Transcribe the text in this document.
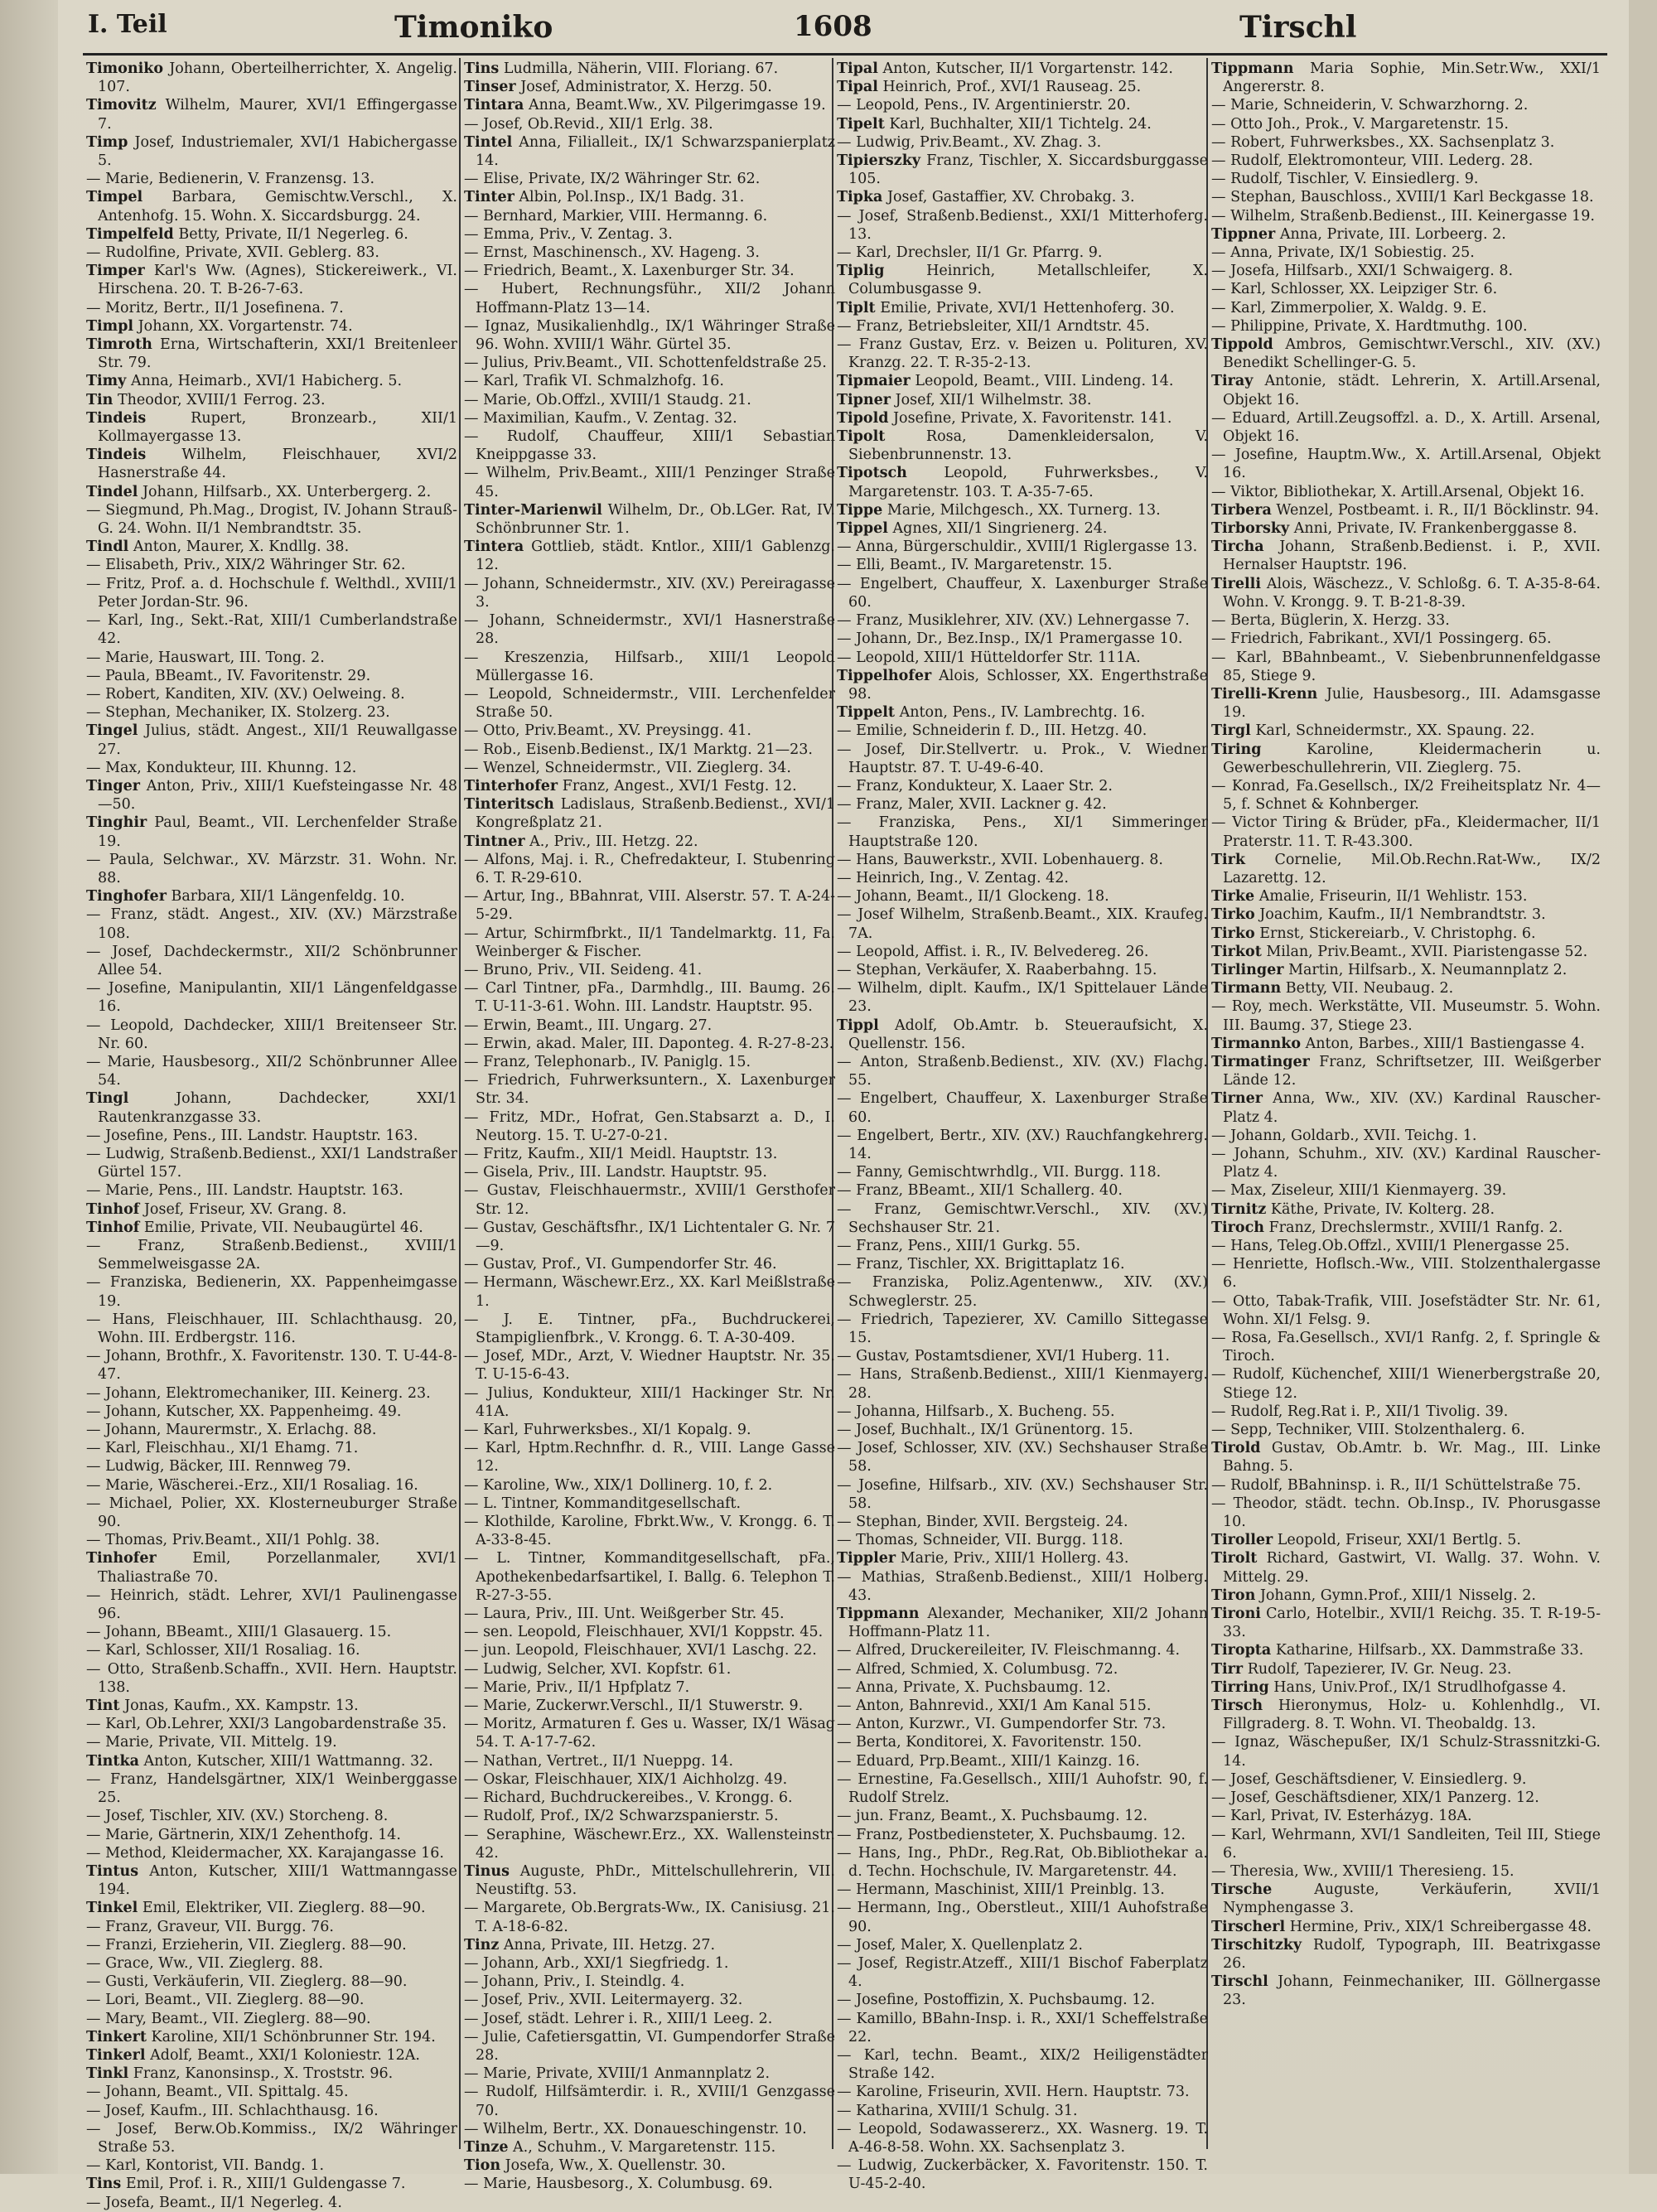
I. Teil	Timoniko	1608	Tirschl

Timoniko Johann, Oberteilherrichter, X. Angelig. 107.

Timovitz Wilhelm, Maurer, XVI/1 Effingergasse 7.

Timp Josef, Industriemaler, XVI/1 Habichergasse 5.

— Marie, Bedienerin, V. Franzensg. 13.

Timpel Barbara, Gemischtw.Verschl., X. Antenhofg. 15. Wohn. X. Siccardsburgg. 24.

Timpelfeld Betty, Private, II/1 Negerleg. 6.

— Rudolfine, Private, XVII. Geblerg. 83.

Timper Karl's Ww. (Agnes), Stickereiwerk., VI. Hirschena. 20. T. B-26-7-63.

— Moritz, Bertr., II/1 Josefinena. 7.

Timpl Johann, XX. Vorgartenstr. 74.

Timroth Erna, Wirtschafterin, XXI/1 Breitenleer Str. 79.

Timy Anna, Heimarb., XVI/1 Habicherg. 5.

Tin Theodor, XVIII/1 Ferrog. 23.

Tindeis	Rupert, Bronzearb., XII/1 Kollmayergasse 13.

Tindeis Wilhelm, Fleischhauer, XVI/2 Hasnerstraße 44.

Tindel Johann, Hilfsarb., XX. Unterbergerg. 2.

— Siegmund, Ph.Mag., Drogist, IV. Johann Strauß-G. 24. Wohn. II/1 Nembrandtstr. 35.

Tindl Anton, Maurer, X. Kndllg. 38.

— Elisabeth, Priv., XIX/2 Währinger Str. 62.

— Fritz, Prof. a. d. Hochschule f. Welthdl., XVIII/1 Peter Jordan-Str. 96.

— Karl, Ing., Sekt.-Rat, XIII/1 Cumberlandstraße 42.

— Marie, Hauswart, III. Tong. 2.

— Paula, BBeamt., IV. Favoritenstr. 29.

— Robert, Kanditen, XIV. (XV.) Oelweing. 8.

— Stephan, Mechaniker, IX. Stolzerg. 23.

Tingel Julius, städt. Angest., XII/1 Reuwallgasse 27.

— Max, Kondukteur, III. Khunng. 12.

Tinger Anton, Priv., XIII/1 Kuefsteingasse Nr. 48—50.

Tinghir Paul, Beamt., VII. Lerchenfelder Straße 19.

— Paula, Selchwar., XV. Märzstr. 31. Wohn. Nr. 88.

Tinghofer Barbara, XII/1 Längenfeldg. 10.

— Franz, städt. Angest., XIV. (XV.) Märzstraße 108.

— Josef, Dachdeckermstr., XII/2 Schönbrunner Allee 54.

— Josefine, Manipulantin, XII/1 Längenfeldgasse 16.

— Leopold, Dachdecker, XIII/1 Breitenseer Str. Nr. 60.

— Marie, Hausbesorg., XII/2 Schönbrunner Allee 54.

Tingl	Johann, Dachdecker, XXI/1 Rautenkranzgasse 33.

— Josefine, Pens., III. Landstr. Hauptstr. 163.

— Ludwig, Straßenb.Bedienst., XXI/1 Landstraßer Gürtel 157.

— Marie, Pens., III. Landstr. Hauptstr. 163.

Tinhof Josef, Friseur, XV. Grang. 8.

Tinhof Emilie, Private, VII. Neubaugürtel 46.

— Franz, Straßenb.Bedienst., XVIII/1 Semmelweisgasse 2A.

— Franziska, Bedienerin, XX. Pappenheimgasse 19.

— Hans, Fleischhauer, III. Schlachthausg. 20, Wohn. III. Erdbergstr. 116.

— Johann, Brothfr., X. Favoritenstr. 130. T. U-44-8-47.

— Johann, Elektromechaniker, III. Keinerg. 23.

— Johann, Kutscher, XX. Pappenheimg. 49.

— Johann, Maurermstr., X. Erlachg. 88.

— Karl, Fleischhau., XI/1 Ehamg. 71.

— Ludwig, Bäcker, III. Rennweg 79.

— Marie, Wäscherei.-Erz., XII/1 Rosaliag. 16.

— Michael, Polier, XX. Klosterneuburger Straße 90.

— Thomas, Priv.Beamt., XII/1 Pohlg. 38.

Tinhofer Emil, Porzellanmaler, XVI/1 Thaliastraße 70.

— Heinrich, städt. Lehrer, XVI/1 Paulinengasse 96.

— Johann, BBeamt., XIII/1 Glasauerg. 15.

— Karl, Schlosser, XII/1 Rosaliag. 16.

— Otto, Straßenb.Schaffn., XVII. Hern. Hauptstr. 138.

Tint Jonas, Kaufm., XX. Kampstr. 13.

— Karl, Ob.Lehrer, XXI/3 Langobardenstraße 35.

— Marie, Private, VII. Mittelg. 19.

Tintka Anton, Kutscher, XIII/1 Wattmanng. 32.

— Franz, Handelsgärtner, XIX/1 Weinberggasse 25.

— Josef, Tischler, XIV. (XV.) Storcheng. 8.

— Marie, Gärtnerin, XIX/1 Zehenthofg. 14.

— Method, Kleidermacher, XX. Karajangasse 16.

Tintus Anton, Kutscher, XIII/1 Wattmanngasse 194.

Tinkel Emil, Elektriker, VII. Zieglerg. 88—90.

— Franz, Graveur, VII. Burgg. 76.

— Franzi, Erzieherin, VII. Zieglerg. 88—90.

— Grace, Ww., VII. Zieglerg. 88.

— Gusti, Verkäuferin, VII. Zieglerg. 88—90.

— Lori, Beamt., VII. Zieglerg. 88—90.

— Mary, Beamt., VII. Zieglerg. 88—90.

Tinkert Karoline, XII/1 Schönbrunner Str. 194.

Tinkerl Adolf, Beamt., XXI/1 Koloniestr. 12A.

Tinkl Franz, Kanonsinsp., X. Troststr. 96.

— Johann, Beamt., VII. Spittalg. 45.

— Josef, Kaufm., III. Schlachthausg. 16.

— Josef, Berw.Ob.Kommiss., IX/2 Währinger Straße 53.

— Karl, Kontorist, VII. Bandg. 1.

Tins Emil, Prof. i. R., XIII/1 Guldengasse 7.

— Josefa, Beamt., II/1 Negerleg. 4.

Tins Ludmilla, Näherin, VIII. Floriang. 67.

Tinser Josef, Administrator, X. Herzg. 50.

Tintara Anna, Beamt.Ww., XV. Pilgerimgasse 19.

— Josef, Ob.Revid., XII/1 Erlg. 38.

Tintel Anna, Filialleit., IX/1 Schwarzspanierplatz 14.

— Elise, Private, IX/2 Währinger Str. 62.

Tinter Albin, Pol.Insp., IX/1 Badg. 31.

— Bernhard, Markier, VIII. Hermanng. 6.

— Emma, Priv., V. Zentag. 3.

— Ernst, Maschinensch., XV. Hageng. 3.

— Friedrich, Beamt., X. Laxenburger Str. 34.

— Hubert, Rechnungsführ., XII/2 Johann Hoffmann-Platz 13—14.

— Ignaz, Musikalienhdlg., IX/1 Währinger Straße 96. Wohn. XVIII/1 Währ. Gürtel 35.

— Julius, Priv.Beamt., VII. Schottenfeldstraße 25.

— Karl, Trafik VI. Schmalzhofg. 16.

— Marie, Ob.Offzl., XVIII/1 Staudg. 21.

— Maximilian, Kaufm., V. Zentag. 32.

— Rudolf, Chauffeur, XIII/1 Sebastian Kneippgasse 33.

— Wilhelm, Priv.Beamt., XIII/1 Penzinger Straße 45.

Tinter-Marienwil Wilhelm, Dr., Ob.LGer. Rat, IV. Schönbrunner Str. 1.

Tintera Gottlieb, städt. Kntlor., XIII/1 Gablenzg. 12.

— Johann, Schneidermstr., XIV. (XV.) Pereiragasse 3.

— Johann, Schneidermstr., XVI/1 Hasnerstraße 28.

— Kreszenzia, Hilfsarb., XIII/1 Leopold Müllergasse 16.

— Leopold, Schneidermstr., VIII. Lerchenfelder Straße 50.

— Otto, Priv.Beamt., XV. Preysingg. 41.

— Rob., Eisenb.Bedienst., IX/1 Marktg. 21—23.

— Wenzel, Schneidermstr., VII. Zieglerg. 34.

Tinterhofer Franz, Angest., XVI/1 Festg. 12.

Tinteritsch Ladislaus, Straßenb.Bedienst., XVI/1 Kongreßplatz 21.

Tintner A., Priv., III. Hetzg. 22.

— Alfons, Maj. i. R., Chefredakteur, I. Stubenring 6. T. R-29-610.

— Artur, Ing., BBahnrat, VIII. Alserstr. 57. T. A-24-5-29.

— Artur, Schirmfbrkt., II/1 Tandelmarktg. 11, Fa. Weinberger & Fischer.

— Bruno, Priv., VII. Seideng. 41.

— Carl Tintner, pFa., Darmhdlg., III. Baumg. 26. T. U-11-3-61. Wohn. III. Landstr. Hauptstr. 95.

— Erwin, Beamt., III. Ungarg. 27.

— Erwin, akad. Maler, III. Dapontеg. 4. R-27-8-23.

— Franz, Telephonarb., IV. Paniglg. 15.

— Friedrich, Fuhrwerksuntern., X. Laxenburger Str. 34.

— Fritz, MDr., Hofrat, Gen.Stabsarzt a. D., I. Neutorg. 15. T. U-27-0-21.

— Fritz, Kaufm., XII/1 Meidl. Hauptstr. 13.

— Gisela, Priv., III. Landstr. Hauptstr. 95.

— Gustav, Fleischhauermstr., XVIII/1 Gersthofer Str. 12.

— Gustav, Geschäftsfhr., IX/1 Lichtentaler G. Nr. 7—9.

— Gustav, Prof., VI. Gumpendorfer Str. 46.

— Hermann, Wäschewr.Erz., XX. Karl Meißlstraße 1.

— J. E. Tintner, pFa., Buchdruckerei, Stampiglienfbrk., V. Krongg. 6. T. A-30-409.

— Josef, MDr., Arzt, V. Wiedner Hauptstr. Nr. 35. T. U-15-6-43.

— Julius, Kondukteur, XIII/1 Hackinger Str. Nr. 41A.

— Karl, Fuhrwerksbes., XI/1 Kopalg. 9.

— Karl, Hptm.Rechnfhr. d. R., VIII. Lange Gasse 12.

— Karoline, Ww., XIX/1 Dollinerg. 10, f. 2.

— L. Tintner, Kommanditgesellschaft.

— Klothilde, Karoline, Fbrkt.Ww., V. Krongg. 6. T. A-33-8-45.

— L. Tintner, Kommanditgesellschaft, pFa., Apothekenbedarfsartikel, I. Ballg. 6. Telephon T. R-27-3-55.

— Laura, Priv., III. Unt. Weißgerber Str. 45.

— sen. Leopold, Fleischhauer, XVI/1 Koppstr. 45.

— jun. Leopold, Fleischhauer, XVI/1 Laschg. 22.

— Ludwig, Selcher, XVI. Kopfstr. 61.

— Marie, Priv., II/1 Hpfplatz 7.

— Marie, Zuckerwr.Verschl., II/1 Stuwerstr. 9.

— Moritz, Armaturen f. Ges u. Wasser, IX/1 Wäsag 54. T. A-17-7-62.

— Nathan, Vertret., II/1 Nueppg. 14.

— Oskar, Fleischhauer, XIX/1 Aichholzg. 49.

— Richard, Buchdruckereibes., V. Krongg. 6.

— Rudolf, Prof., IX/2 Schwarzspanierstr. 5.

— Seraphine, Wäschewr.Erz., XX. Wallensteinstr. 42.

Tinus Auguste, PhDr., Mittelschullehrerin, VII. Neustiftg. 53.

— Margarete, Ob.Bergrats-Ww., IX. Canisiusg. 21. T. A-18-6-82.

Tinz Anna, Private, III. Hetzg. 27.

— Johann, Arb., XXI/1 Siegfriedg. 1.

— Johann, Priv., I. Steindlg. 4.

— Josef, Priv., XVII. Leitermayerg. 32.

— Josef, städt. Lehrer i. R., XIII/1 Leeg. 2.

— Julie, Cafetiersgattin, VI. Gumpendorfer Straße 28.

— Marie, Private, XVIII/1 Anmannplatz 2.

— Rudolf, Hilfsämterdir. i. R., XVIII/1 Genzgasse 70.

— Wilhelm, Bertr., XX. Donaueschingenstr. 10.

Tinze A., Schuhm., V. Margaretenstr. 115.

Tion Josefa, Ww., X. Quellenstr. 30.

— Marie, Hausbesorg., X. Columbusg. 69.

Tipal Anton, Kutscher, II/1 Vorgartenstr. 142.

Tipal Heinrich, Prof., XVI/1 Rauseag. 25.

— Leopold, Pens., IV. Argentinierstr. 20.

Tipelt Karl, Buchhalter, XII/1 Tichtelg. 24.

— Ludwig, Priv.Beamt., XV. Zhag. 3.

Tipierszky Franz, Tischler, X. Siccardsburggasse 105.

Tipka Josef, Gastaffier, XV. Chrobakg. 3.

— Josef, Straßenb.Bedienst., XXI/1 Mitterhoferg. 13.

— Karl, Drechsler, II/1 Gr. Pfarrg. 9.

Tiplig	Heinrich, Metallschleifer, X. Columbusgasse 9.

Tiplt Emilie, Private, XVI/1 Hettenhoferg. 30.

— Franz, Betriebsleiter, XII/1 Arndtstr. 45.

— Franz Gustav, Erz. v. Beizen u. Polituren, XV. Kranzg. 22. T. R-35-2-13.

Tipmaier Leopold, Beamt., VIII. Lindeng. 14.

Tipner Josef, XII/1 Wilhelmstr. 38.

Tipold Josefine, Private, X. Favoritenstr. 141.

Tipolt	Rosa, Damenkleidersalon, V. Siebenbrunnenstr. 13.

Tipotsch	Leopold, Fuhrwerksbes., V. Margaretenstr. 103. T. A-35-7-65.

Tippe Marie, Milchgesch., XX. Turnerg. 13.

Tippel Agnes, XII/1 Singrienerg. 24.

— Anna, Bürgerschuldir., XVIII/1 Riglergasse 13.

— Elli, Beamt., IV. Margaretenstr. 15.

— Engelbert, Chauffeur, X. Laxenburger Straße 60.

— Franz, Musiklehrer, XIV. (XV.) Lehnergasse 7.

— Johann, Dr., Bez.Insp., IX/1 Pramergasse 10.

— Leopold, XIII/1 Hütteldorfer Str. 111A.

Tippelhofer Alois, Schlosser, XX. Engerthstraße 98.

Tippelt Anton, Pens., IV. Lambrechtg. 16.

— Emilie, Schneiderin f. D., III. Hetzg. 40.

— Josef, Dir.Stellvertr. u. Prok., V. Wiedner Hauptstr. 87. T. U-49-6-40.

— Franz, Kondukteur, X. Laaer Str. 2.

— Franz, Maler, XVII. Lackner g. 42.

— Franziska, Pens., XI/1 Simmeringer Hauptstraße 120.

— Hans, Bauwerkstr., XVII. Lobenhauerg. 8.

— Heinrich, Ing., V. Zentag. 42.

— Johann, Beamt., II/1 Glockeng. 18.

— Josef Wilhelm, Straßenb.Beamt., XIX. Kraufeg. 7A.

— Leopold, Affist. i. R., IV. Belvedereg. 26.

— Stephan, Verkäufer, X. Raaberbahng. 15.

— Wilhelm, diplt. Kaufm., IX/1 Spittelauer Lände 23.

Tippl Adolf, Ob.Amtr. b. Steueraufsicht, X. Quellenstr. 156.

— Anton, Straßenb.Bedienst., XIV. (XV.) Flachg. 55.

— Engelbert, Chauffeur, X. Laxenburger Straße 60.

— Engelbert, Bertr., XIV. (XV.) Rauchfangkehrerg. 14.

— Fanny, Gemischtwrhdlg., VII. Burgg. 118.

— Franz, BBeamt., XII/1 Schallerg. 40.

— Franz, Gemischtwr.Verschl., XIV. (XV.) Sechshauser Str. 21.

— Franz, Pens., XIII/1 Gurkg. 55.

— Franz, Tischler, XX. Brigittaplatz 16.

— Franziska, Poliz.Agentenww., XIV. (XV.) Schweglerstr. 25.

— Friedrich, Tapezierer, XV. Camillo Sittegasse 15.

— Gustav, Postamtsdiener, XVI/1 Huberg. 11.

— Hans, Straßenb.Bedienst., XIII/1 Kienmayerg. 28.

— Johanna, Hilfsarb., X. Bucheng. 55.

— Josef, Buchhalt., IX/1 Grünentorg. 15.

— Josef, Schlosser, XIV. (XV.) Sechshauser Straße 58.

— Josefine, Hilfsarb., XIV. (XV.) Sechshauser Str. 58.

— Stephan, Binder, XVII. Bergsteig. 24.

— Thomas, Schneider, VII. Burgg. 118.

Tippler Marie, Priv., XIII/1 Hollerg. 43.

— Mathias, Straßenb.Bedienst., XIII/1 Holberg. 43.

Tippmann Alexander, Mechaniker, XII/2 Johann Hoffmann-Platz 11.

— Alfred, Druckereileiter, IV. Fleischmanng. 4.

— Alfred, Schmied, X. Columbusg. 72.

— Anna, Private, X. Puchsbaumg. 12.

— Anton, Bahnrevid., XXI/1 Am Kanal 515.

— Anton, Kurzwr., VI. Gumpendorfer Str. 73.

— Berta, Konditorei, X. Favoritenstr. 150.

— Eduard, Prp.Beamt., XIII/1 Kainzg. 16.

— Ernestine, Fa.Gesellsch., XIII/1 Auhofstr. 90, f. Rudolf Strelz.

— jun. Franz, Beamt., X. Puchsbaumg. 12.

— Franz, Postbediensteter, X. Puchsbaumg. 12.

— Hans, Ing., PhDr., Reg.Rat, Ob.Bibliothekar a. d. Techn. Hochschule, IV. Margaretenstr. 44.

— Hermann, Maschinist, XIII/1 Preinblg. 13.

— Hermann, Ing., Oberstleut., XIII/1 Auhofstraße 90.

— Josef, Maler, X. Quellenplatz 2.

— Josef, Registr.Atzeff., XIII/1 Bischof Faberplatz 4.

— Josefine, Postoffizin, X. Puchsbaumg. 12.

— Kamillo, BBahn-Insp. i. R., XXI/1 Scheffelstraße 22.

— Karl, techn. Beamt., XIX/2 Heiligenstädter Straße 142.

— Karoline, Friseurin, XVII. Hern. Hauptstr. 73.

— Katharina, XVIII/1 Schulg. 31.

— Leopold, Sodawassererz., XX. Wasnerg. 19. T. A-46-8-58. Wohn. XX. Sachsenplatz 3.

— Ludwig, Zuckerbäcker, X. Favoritenstr. 150. T. U-45-2-40.

Tippmann Maria Sophie, Min.Setr.Ww., XXI/1 Angererstr. 8.

— Marie, Schneiderin, V. Schwarzhorng. 2.

— Otto Joh., Prok., V. Margaretenstr. 15.

— Robert, Fuhrwerksbes., XX. Sachsenplatz 3.

— Rudolf, Elektromonteur, VIII. Lederg. 28.

— Rudolf, Tischler, V. Einsiedlerg. 9.

— Stephan, Bauschloss., XVIII/1 Karl Beckgasse 18.

— Wilhelm, Straßenb.Bedienst., III. Keinergasse 19.

Tippner Anna, Private, III. Lorbeerg. 2.

— Anna, Private, IX/1 Sobiestig. 25.

— Josefa, Hilfsarb., XXI/1 Schwaigerg. 8.

— Karl, Schlosser, XX. Leipziger Str. 6.

— Karl, Zimmerpolier, X. Waldg. 9. E.

— Philippine, Private, X. Hardtmuthg. 100.

Tippold Ambros, Gemischtwr.Verschl., XIV. (XV.) Benedikt Schellinger-G. 5.

Tiray Antonie, städt. Lehrerin, X. Artill.Arsenal, Objekt 16.

— Eduard, Artill.Zeugsoffzl. a. D., X. Artill. Arsenal, Objekt 16.

— Josefine, Hauptm.Ww., X. Artill.Arsenal, Objekt 16.

— Viktor, Bibliothekar, X. Artill.Arsenal, Objekt 16.

Tirbera Wenzel, Postbeamt. i. R., II/1 Böcklinstr. 94.

Tirborsky Anni, Private, IV. Frankenberggasse 8.

Tircha Johann, Straßenb.Bedienst. i. P., XVII. Hernalser Hauptstr. 196.

Tirelli Alois, Wäschezz., V. Schloßg. 6. T. A-35-8-64. Wohn. V. Krongg. 9. T. B-21-8-39.

— Berta, Büglerin, X. Herzg. 33.

— Friedrich, Fabrikant., XVI/1 Possingerg. 65.

— Karl, BBahnbeamt., V. Siebenbrunnenfeldgasse 85, Stiege 9.

Tirelli-Krenn Julie, Hausbesorg., III. Adamsgasse 19.

Tirgl Karl, Schneidermstr., XX. Spaung. 22.

Tiring	Karoline, Kleidermacherin u. Gewerbeschullehrerin, VII. Zieglerg. 75.

— Konrad, Fa.Gesellsch., IX/2 Freiheitsplatz Nr. 4—5, f. Schnet & Kohnberger.

— Victor Tiring & Brüder, pFa., Kleidermacher, II/1 Praterstr. 11. T. R-43.300.

Tirk Cornelie, Mil.Ob.Rechn.Rat-Ww., IX/2 Lazarettg. 12.

Tirke Amalie, Friseurin, II/1 Wehlistr. 153.

Tirko Joachim, Kaufm., II/1 Nembrandtstr. 3.

Tirko Ernst, Stickereiarb., V. Christophg. 6.

Tirkot Milan, Priv.Beamt., XVII. Piaristengasse 52.

Tirlinger Martin, Hilfsarb., X. Neumannplatz 2.

Tirmann Betty, VII. Neubaug. 2.

— Roy, mech. Werkstätte, VII. Museumstr. 5. Wohn. III. Baumg. 37, Stiege 23.

Tirmannko Anton, Barbes., XIII/1 Bastiengasse 4.

Tirmatinger Franz, Schriftsetzer, III. Weißgerber Lände 12.

Tirner Anna, Ww., XIV. (XV.) Kardinal Rauscher-Platz 4.

— Johann, Goldarb., XVII. Teichg. 1.

— Johann, Schuhm., XIV. (XV.) Kardinal Rauscher-Platz 4.

— Max, Ziseleur, XIII/1 Kienmayerg. 39.

Tirnitz Käthe, Private, IV. Kolterg. 28.

Tiroch Franz, Drechslermstr., XVIII/1 Ranfg. 2.

— Hans, Teleg.Ob.Offzl., XVIII/1 Plenergasse 25.

— Henriette, Hoflsch.-Ww., VIII. Stolzenthalergasse 6.

— Otto, Tabak-Trafik, VIII. Josefstädter Str. Nr. 61, Wohn. XI/1 Felsg. 9.

— Rosa, Fa.Gesellsch., XVI/1 Ranfg. 2, f. Springle & Tiroch.

— Rudolf, Küchenchef, XIII/1 Wienerbergstraße 20, Stiege 12.

— Rudolf, Reg.Rat i. P., XII/1 Tivolig. 39.

— Sepp, Techniker, VIII. Stolzenthalerg. 6.

Tirold Gustav, Ob.Amtr. b. Wr. Mag., III. Linke Bahng. 5.

— Rudolf, BBahninsp. i. R., II/1 Schüttelstraße 75.

— Theodor, städt. techn. Ob.Insp., IV. Phorusgasse 10.

Tiroller Leopold, Friseur, XXI/1 Bertlg. 5.

Tirolt Richard, Gastwirt, VI. Wallg. 37. Wohn. V. Mittelg. 29.

Tiron Johann, Gymn.Prof., XIII/1 Nisselg. 2.

Tironi Carlo, Hotelbir., XVII/1 Reichg. 35. T. R-19-5-33.

Tiropta Katharine, Hilfsarb., XX. Dammstraße 33.

Tirr Rudolf, Tapezierer, IV. Gr. Neug. 23.

Tirring Hans, Univ.Prof., IX/1 Strudlhofgasse 4.

Tirsch Hieronymus, Holz- u. Kohlenhdlg., VI. Fillgraderg. 8. T. Wohn. VI. Theobaldg. 13.

— Ignaz, Wäschepußer, IX/1 Schulz-Strassnitzki-G. 14.

— Josef, Geschäftsdiener, V. Einsiedlerg. 9.

— Josef, Geschäftsdiener, XIX/1 Panzerg. 12.

— Karl, Privat, IV. Esterházyg. 18A.

— Karl, Wehrmann, XVI/1 Sandleiten, Teil III, Stiege 6.

— Theresia, Ww., XVIII/1 Theresieng. 15.

Tirsche	Auguste, Verkäuferin, XVII/1 Nymphengasse 3.

Tirscherl Hermine, Priv., XIX/1 Schreibergasse 48.

Tirschitzky Rudolf, Typograph, III. Beatrixgasse 26.

Tirschl Johann, Feinmechaniker, III. Göllnergasse 23.
